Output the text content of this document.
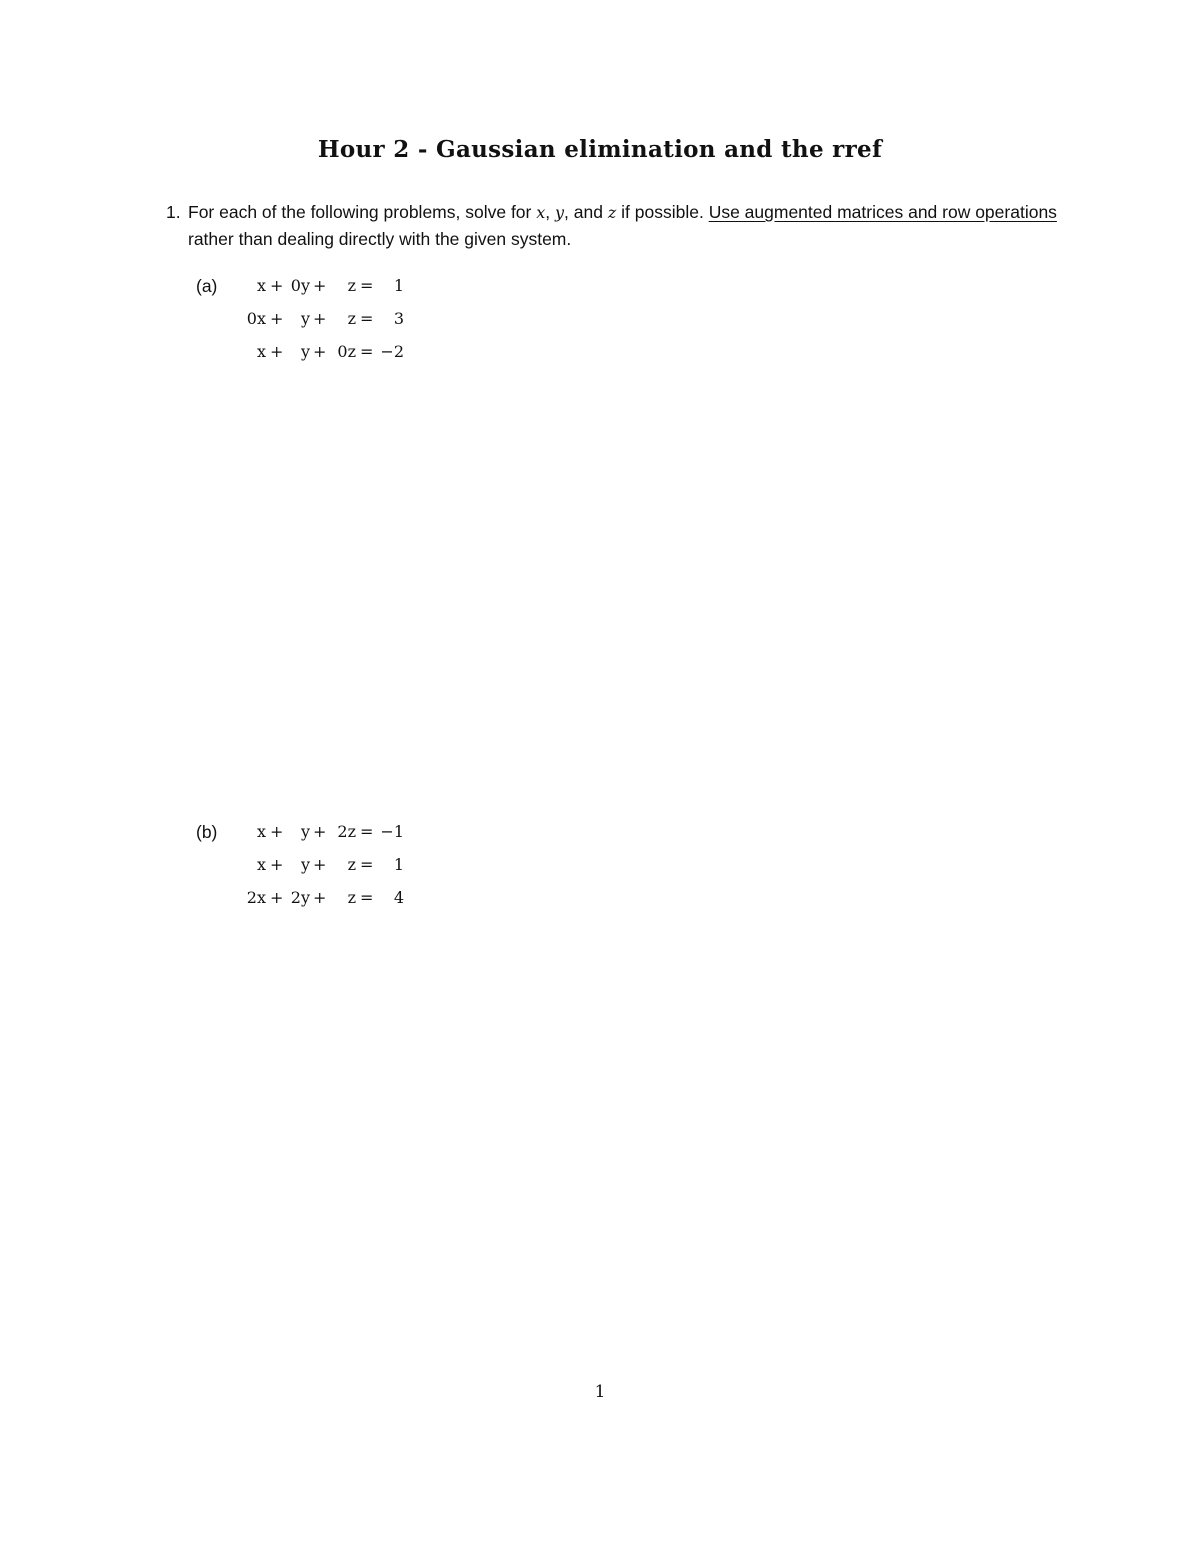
Hour 2 - Gaussian elimination and the rref
1. For each of the following problems, solve for x, y, and z if possible. Use augmented matrices and row operations rather than dealing directly with the given system.
(a)	x + 0y +	z =	1
0x +	y +	z =	3
x +	y + 0z = −2
(b)	x +	y + 2z = −1
x +	y +	z =	1
2x + 2y +	z =	4
1
